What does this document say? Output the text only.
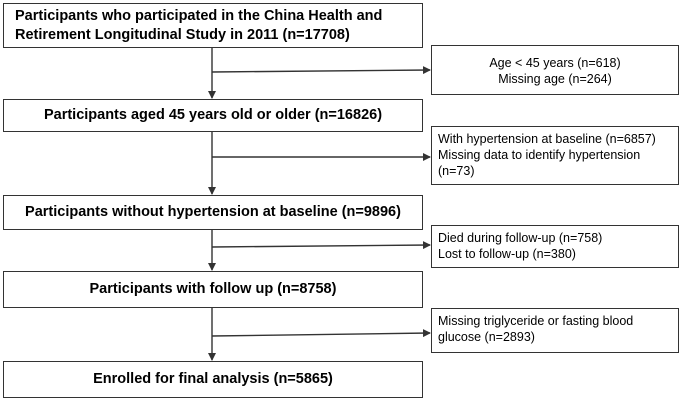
Participants who participated in the China Health and
Retirement Longitudinal Study in 2011 (n=17708)
Participants aged 45 years old or older (n=16826)
Participants without hypertension at baseline (n=9896)
Participants with follow up (n=8758)
Enrolled for final analysis (n=5865)
Age < 45 years (n=618)
Missing age (n=264)
With hypertension at baseline (n=6857)
Missing data to identify hypertension
(n=73)
Died during follow-up (n=758)
Lost to follow-up (n=380)
Missing triglyceride or fasting blood
glucose (n=2893)
